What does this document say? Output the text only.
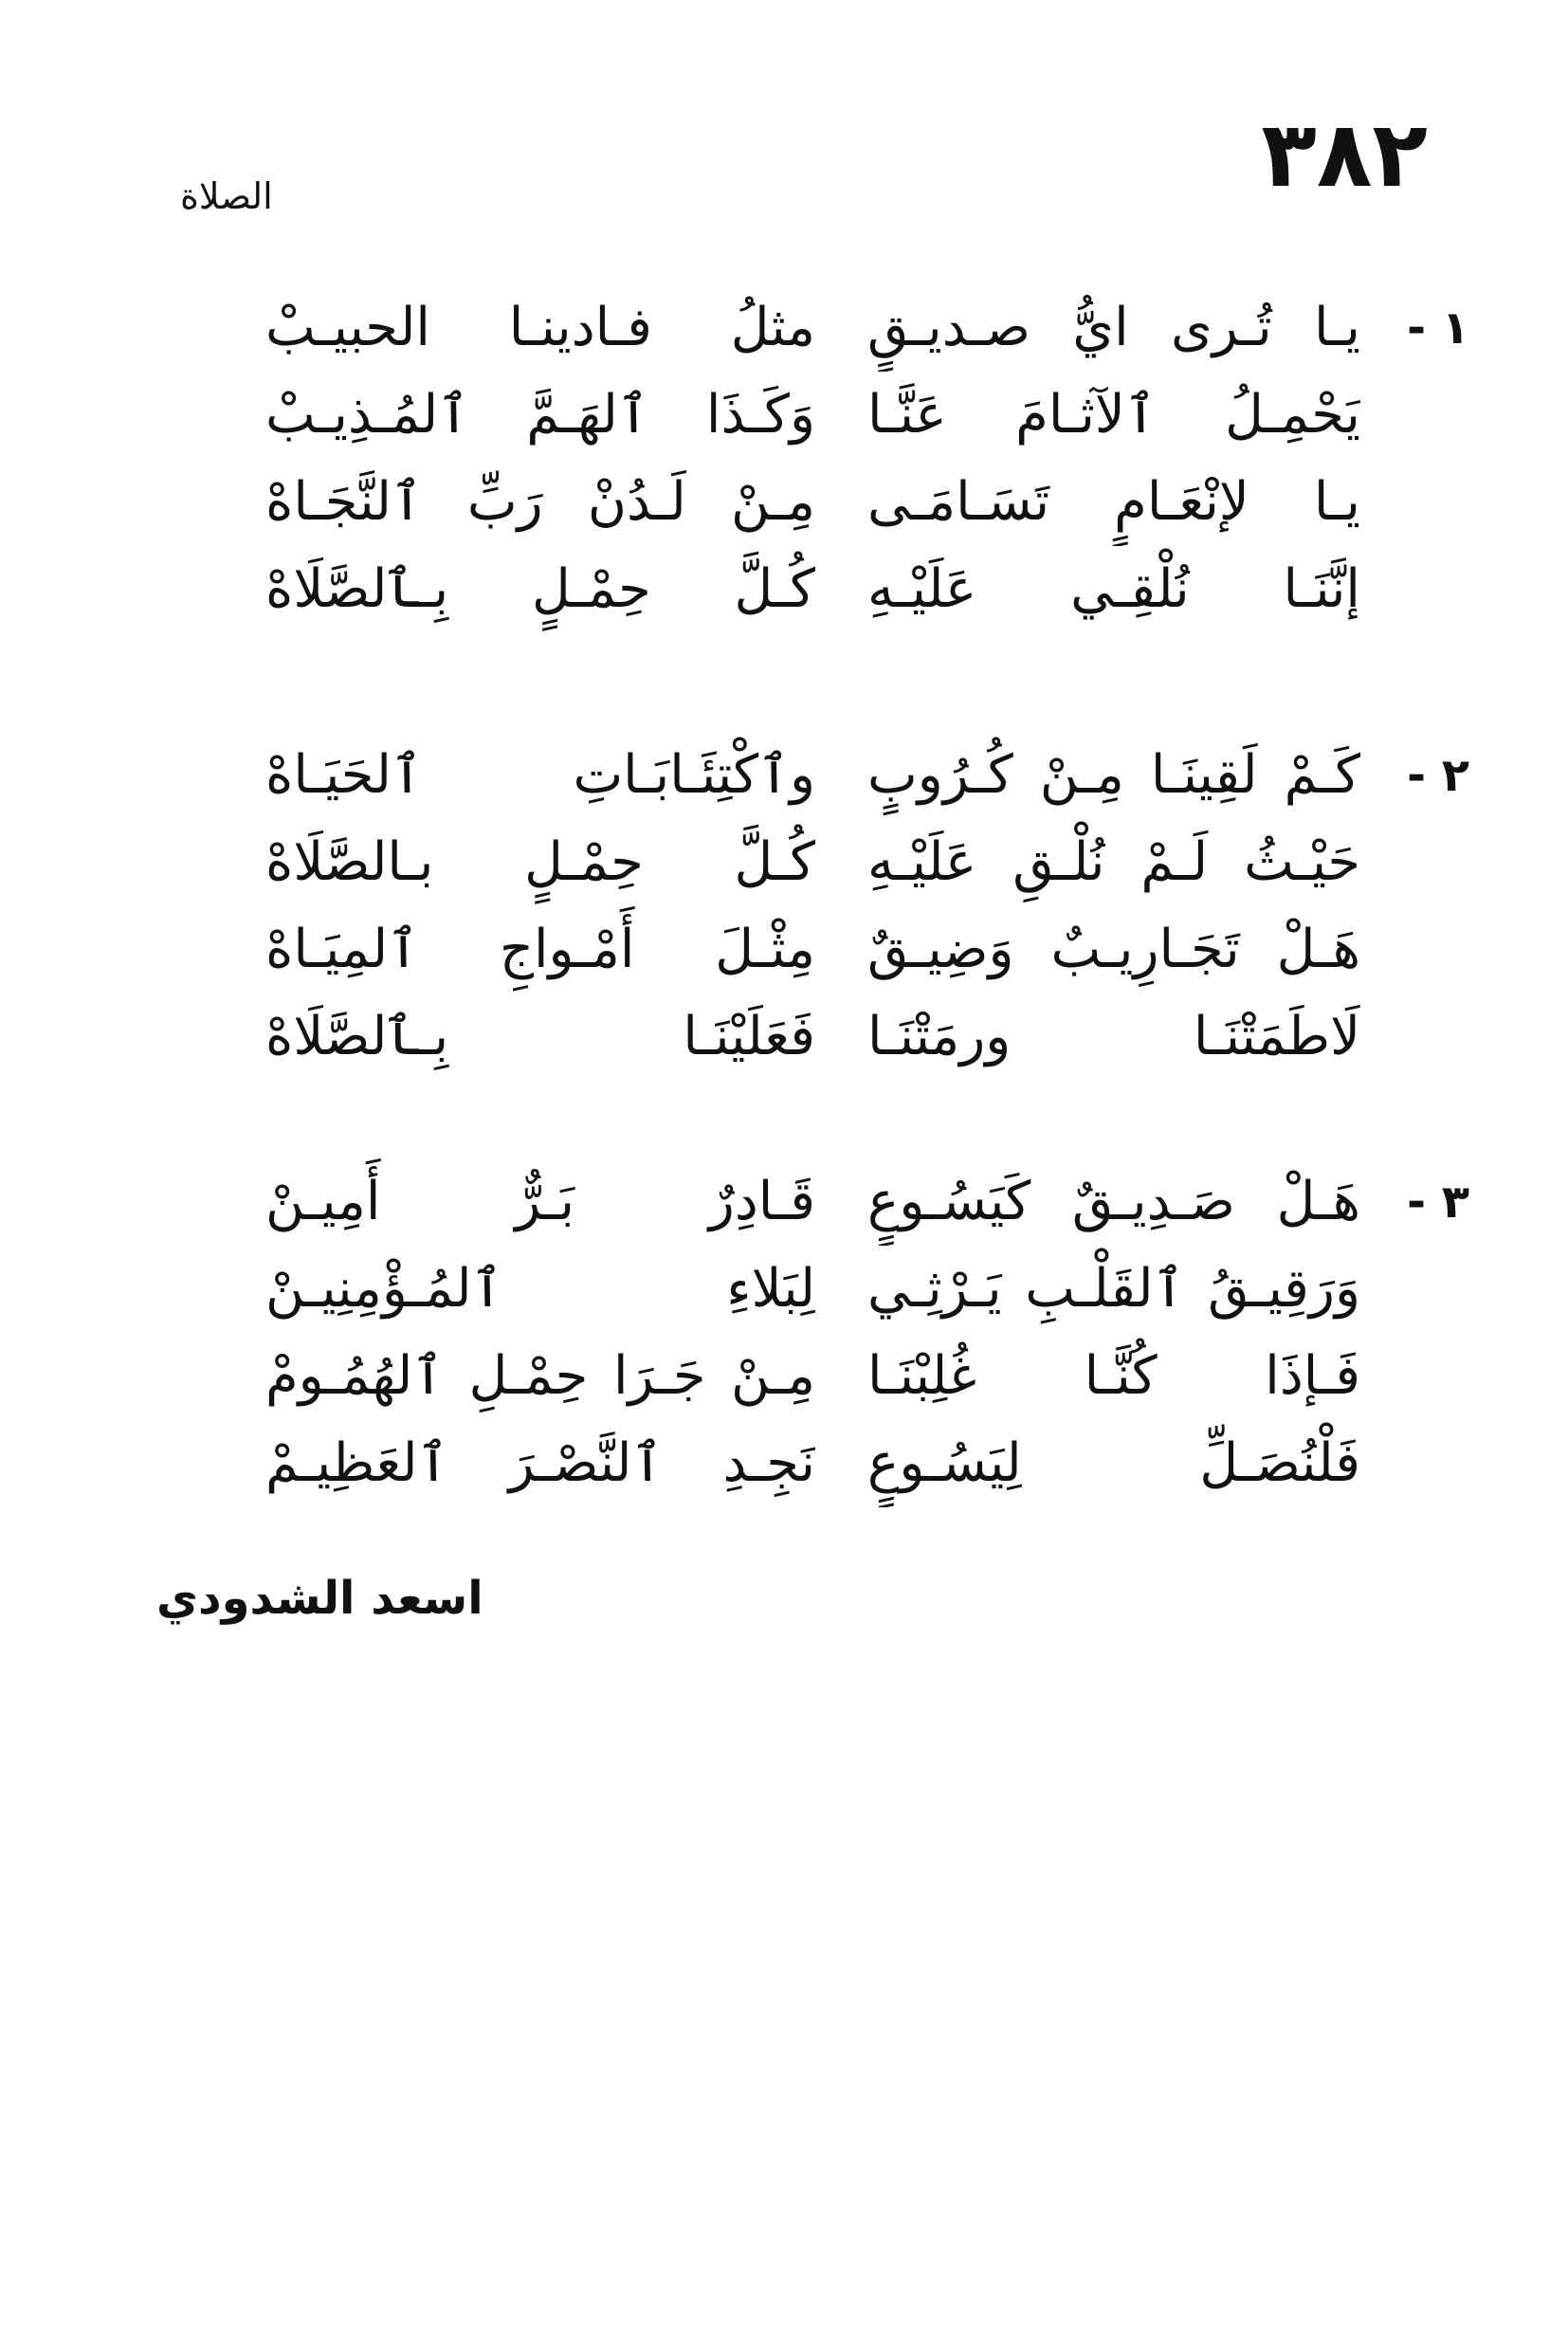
٣٨٢
الصلاة
١ -
يـا تُـرى ايُّ صـديـقٍ
مثلُ فـادينـا الحبيـبْ
يَحْمِـلُ ٱلآثـامَ عَنَّـا
وَكَـذَا ٱلهَـمَّ ٱلمُـذِيـبْ
يـا لإنْعَـامٍ تَسَـامَـى
مِـنْ لَـدُنْ رَبِّ ٱلنَّجَـاهْ
إنَّنَـا نُلْقِـي عَلَيْـهِ
كُـلَّ حِمْـلٍ بِـٱلصَّلَاهْ
٢ -
كَـمْ لَقِينَـا مِـنْ كُـرُوبٍ
وٱكْتِئَـابَـاتِ ٱلحَيَـاهْ
حَيْـثُ لَـمْ نُلْـقِ عَلَيْـهِ
كُـلَّ حِمْـلٍ بـالصَّلَاهْ
هَـلْ تَجَـارِيـبٌ وَضِيـقٌ
مِثْـلَ أَمْـواجِ ٱلمِيَـاهْ
لَاطَمَتْنَـا ورمَتْنَـا
فَعَلَيْنَـا بِـٱلصَّلَاهْ
٣ -
هَـلْ صَـدِيـقٌ كَيَسُـوعٍ
قَـادِرٌ بَـرٌّ أَمِيـنْ
وَرَقِيـقُ ٱلقَلْـبِ يَـرْثِـي
لِبَلاءِ ٱلمُـؤْمِنِيـنْ
فَـإذَا كُنَّـا غُلِبْنَـا
مِـنْ جَـرَا حِمْـلِ ٱلهُمُـومْ
فَلْنُصَـلِّ لِيَسُـوعٍ
نَجِـدِ ٱلنَّصْـرَ ٱلعَظِيـمْ
اسعد الشدودي
